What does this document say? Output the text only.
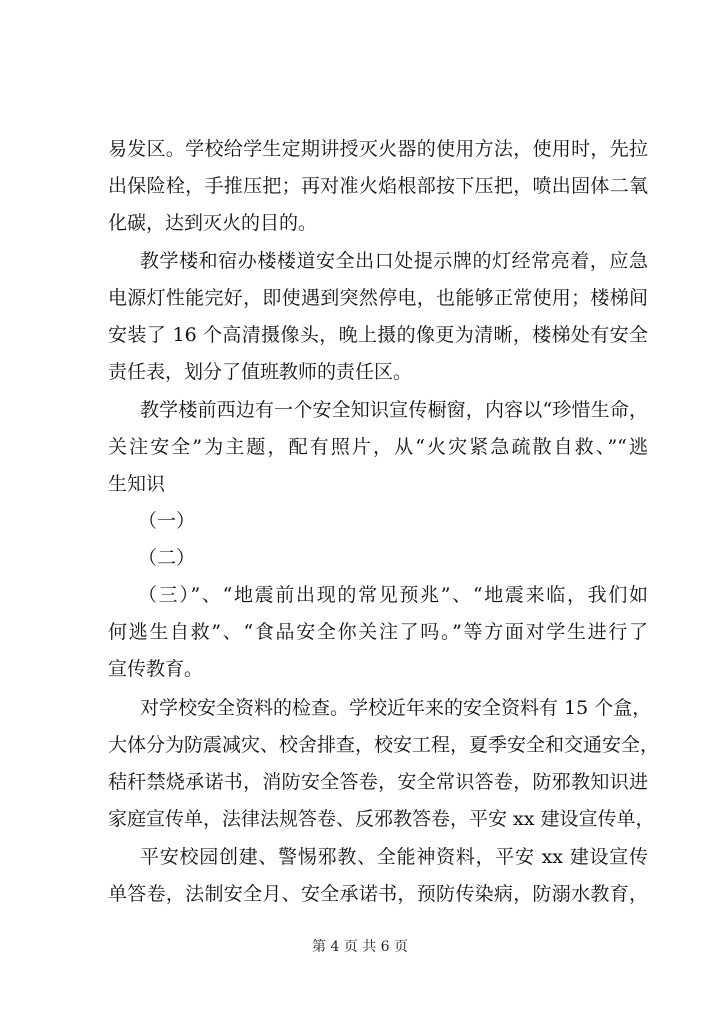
易发区。学校给学生定期讲授灭火器的使用方法，使用时，先拉
出保险栓，手推压把；再对准火焰根部按下压把，喷出固体二氧
化碳，达到灭火的目的。
教学楼和宿办楼楼道安全出口处提示牌的灯经常亮着，应急
电源灯性能完好，即使遇到突然停电，也能够正常使用；楼梯间
安装了 16 个高清摄像头，晚上摄的像更为清晰，楼梯处有安全
责任表，划分了值班教师的责任区。
教学楼前西边有一个安全知识宣传橱窗，内容以“珍惜生命，
关注安全”为主题，配有照片，从“火灾紧急疏散自救、”“逃
生知识
（一）
（二）
（三）”、“地震前出现的常见预兆”、“地震来临，我们如
何逃生自救”、“食品安全你关注了吗。”等方面对学生进行了
宣传教育。
对学校安全资料的检查。学校近年来的安全资料有 15 个盒，
大体分为防震减灾、校舍排查，校安工程，夏季安全和交通安全，
秸秆禁烧承诺书，消防安全答卷，安全常识答卷，防邪教知识进
家庭宣传单，法律法规答卷、反邪教答卷，平安 xx 建设宣传单，
平安校园创建、警惕邪教、全能神资料，平安 xx 建设宣传
单答卷，法制安全月、安全承诺书，预防传染病，防溺水教育，
第 4 页 共 6 页
